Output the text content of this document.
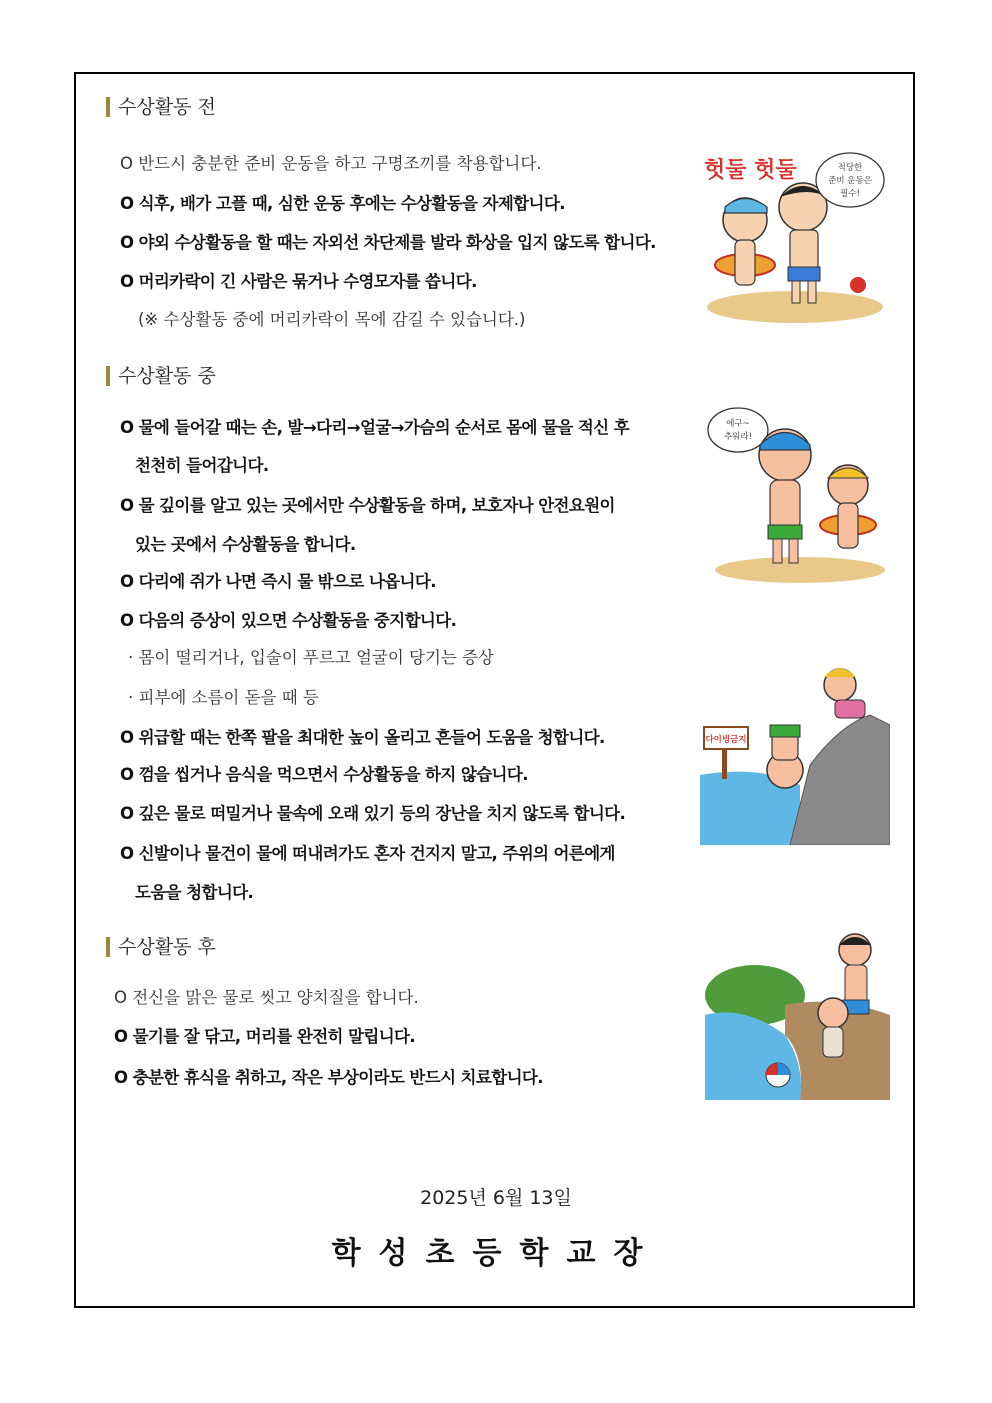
수상활동 전
O 반드시 충분한 준비 운동을 하고 구명조끼를 착용합니다.
O 식후, 배가 고플 때, 심한 운동 후에는 수상활동을 자제합니다.
O 야외 수상활동을 할 때는 자외선 차단제를 발라 화상을 입지 않도록 합니다.
O 머리카락이 긴 사람은 묶거나 수영모자를 씁니다.
(※ 수상활동 중에 머리카락이 목에 감길 수 있습니다.)
헛둘 헛둘	적당한
준비 운동은
필수!
수상활동 중
O 물에 들어갈 때는 손, 발→다리→얼굴→가슴의 순서로 몸에 물을 적신 후
천천히 들어갑니다.
O 물 깊이를 알고 있는 곳에서만 수상활동을 하며, 보호자나 안전요원이
있는 곳에서 수상활동을 합니다.
O 다리에 쥐가 나면 즉시 물 밖으로 나옵니다.
O 다음의 증상이 있으면 수상활동을 중지합니다.
· 몸이 떨리거나, 입술이 푸르고 얼굴이 당기는 증상
· 피부에 소름이 돋을 때 등
O 위급할 때는 한쪽 팔을 최대한 높이 올리고 흔들어 도움을 청합니다.
O 껌을 씹거나 음식을 먹으면서 수상활동을 하지 않습니다.
O 깊은 물로 떠밀거나 물속에 오래 있기 등의 장난을 치지 않도록 합니다.
O 신발이나 물건이 물에 떠내려가도 혼자 건지지 말고, 주위의 어른에게
도움을 청합니다.
에구~
추워라!
다이빙금지
수상활동 후
O 전신을 맑은 물로 씻고 양치질을 합니다.
O 물기를 잘 닦고, 머리를 완전히 말립니다.
O 충분한 휴식을 취하고, 작은 부상이라도 반드시 치료합니다.
2025년 6월 13일
학성초등학교장
